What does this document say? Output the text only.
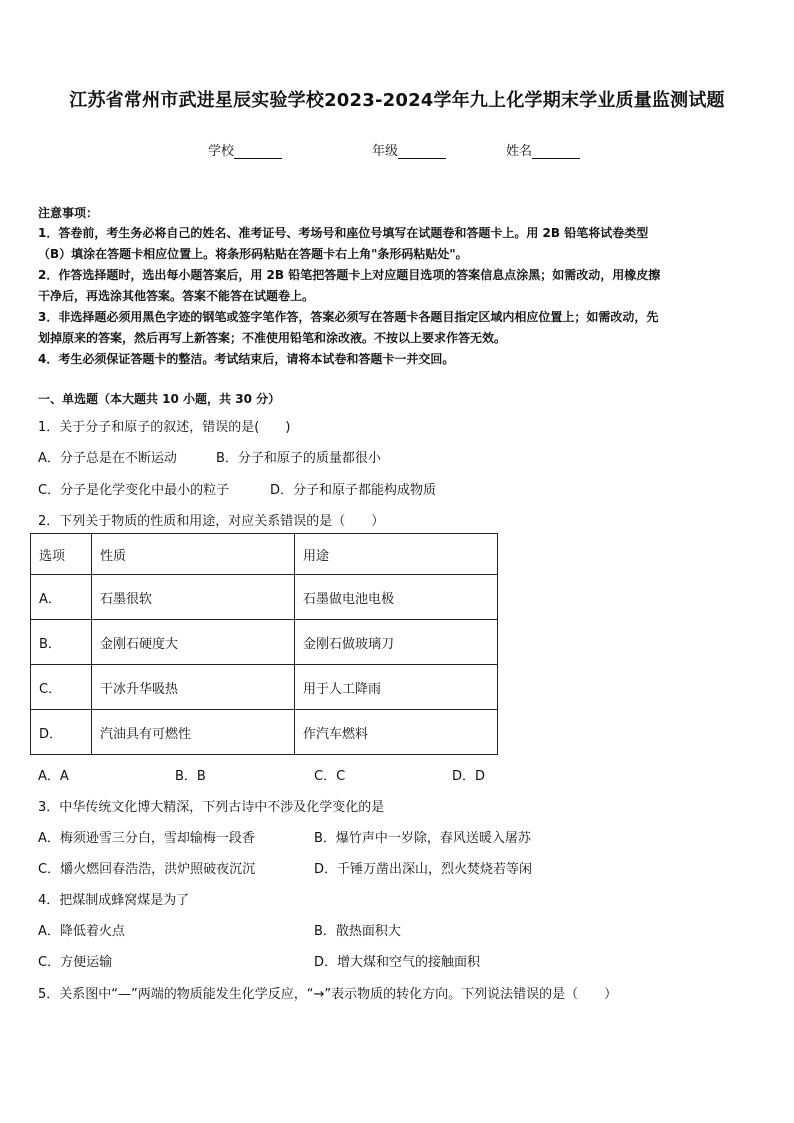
江苏省常州市武进星辰实验学校2023-2024学年九上化学期末学业质量监测试题
学校	年级	姓名
注意事项：
1．答卷前，考生务必将自己的姓名、准考证号、考场号和座位号填写在试题卷和答题卡上。用 2B 铅笔将试卷类型
（B）填涂在答题卡相应位置上。将条形码粘贴在答题卡右上角"条形码粘贴处"。
2．作答选择题时，选出每小题答案后，用 2B 铅笔把答题卡上对应题目选项的答案信息点涂黑；如需改动，用橡皮擦
干净后，再选涂其他答案。答案不能答在试题卷上。
3．非选择题必须用黑色字迹的钢笔或签字笔作答，答案必须写在答题卡各题目指定区域内相应位置上；如需改动，先
划掉原来的答案，然后再写上新答案；不准使用铅笔和涂改液。不按以上要求作答无效。
4．考生必须保证答题卡的整洁。考试结束后，请将本试卷和答题卡一并交回。
一、单选题（本大题共 10 小题，共 30 分）
1．关于分子和原子的叙述，错误的是(　　)
A．分子总是在不断运动	B．分子和原子的质量都很小
C．分子是化学变化中最小的粒子	D．分子和原子都能构成物质
2．下列关于物质的性质和用途，对应关系错误的是（　　）
选项	性质	用途
A．	石墨很软	石墨做电池电极
B．	金刚石硬度大	金刚石做玻璃刀
C．	干冰升华吸热	用于人工降雨
D．	汽油具有可燃性	作汽车燃料
A．A	B．B	C．C	D．D
3．中华传统文化博大精深，下列古诗中不涉及化学变化的是
A．梅须逊雪三分白，雪却输梅一段香	B．爆竹声中一岁除，春风送暖入屠苏
C．爝火燃回春浩浩，洪炉照破夜沉沉	D．千锤万凿出深山，烈火焚烧若等闲
4．把煤制成蜂窝煤是为了
A．降低着火点	B．散热面积大
C．方便运输	D．增大煤和空气的接触面积
5．关系图中“—”两端的物质能发生化学反应，“→”表示物质的转化方向。下列说法错误的是（　　）
